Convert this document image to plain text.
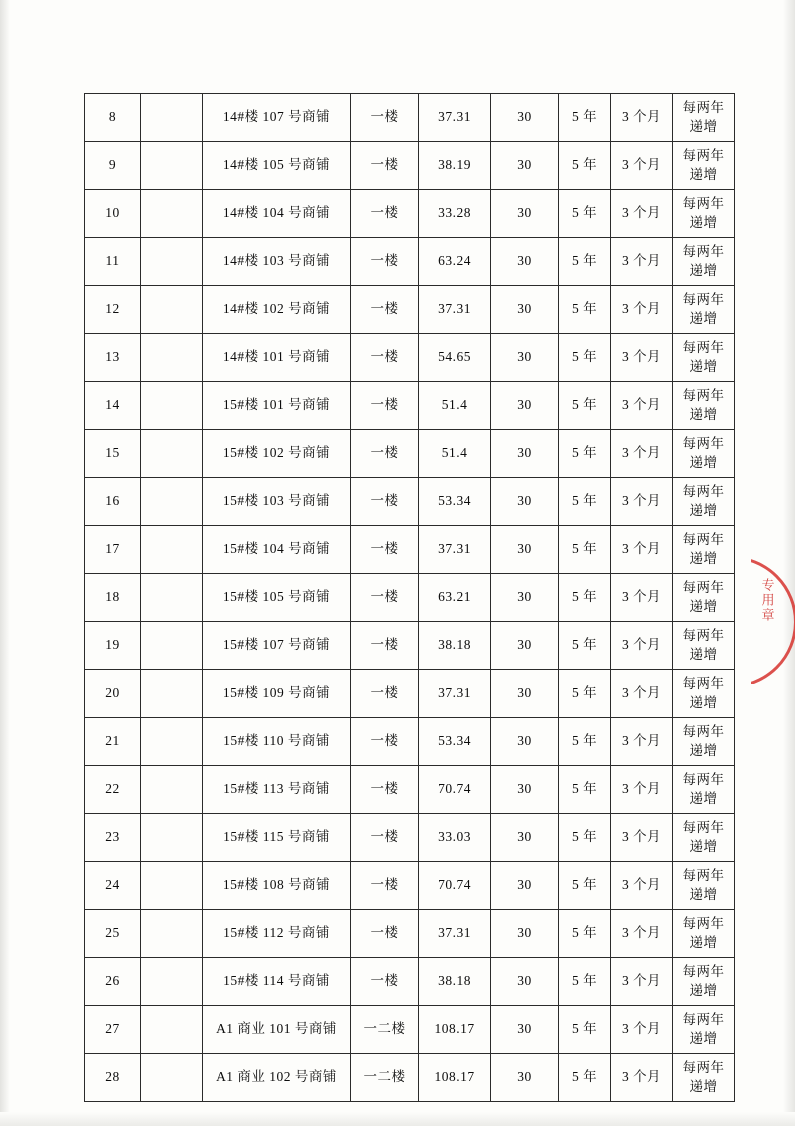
8		14#楼 107 号商铺	一楼	37.31	30	5 年	3 个月	每两年
递增

9		14#楼 105 号商铺	一楼	38.19	30	5 年	3 个月	每两年
递增

10		14#楼 104 号商铺	一楼	33.28	30	5 年	3 个月	每两年
递增

11		14#楼 103 号商铺	一楼	63.24	30	5 年	3 个月	每两年
递增

12		14#楼 102 号商铺	一楼	37.31	30	5 年	3 个月	每两年
递增

13		14#楼 101 号商铺	一楼	54.65	30	5 年	3 个月	每两年
递增

14		15#楼 101 号商铺	一楼	51.4	30	5 年	3 个月	每两年
递增

15		15#楼 102 号商铺	一楼	51.4	30	5 年	3 个月	每两年
递增

16		15#楼 103 号商铺	一楼	53.34	30	5 年	3 个月	每两年
递增

17		15#楼 104 号商铺	一楼	37.31	30	5 年	3 个月	每两年
递增

18		15#楼 105 号商铺	一楼	63.21	30	5 年	3 个月	每两年
递增

19		15#楼 107 号商铺	一楼	38.18	30	5 年	3 个月	每两年
递增

20		15#楼 109 号商铺	一楼	37.31	30	5 年	3 个月	每两年
递增

21		15#楼 110 号商铺	一楼	53.34	30	5 年	3 个月	每两年
递增

22		15#楼 113 号商铺	一楼	70.74	30	5 年	3 个月	每两年
递增

23		15#楼 115 号商铺	一楼	33.03	30	5 年	3 个月	每两年
递增

24		15#楼 108 号商铺	一楼	70.74	30	5 年	3 个月	每两年
递增

25		15#楼 112 号商铺	一楼	37.31	30	5 年	3 个月	每两年
递增

26		15#楼 114 号商铺	一楼	38.18	30	5 年	3 个月	每两年
递增

27		A1 商业 101 号商铺	一二楼	108.17	30	5 年	3 个月	每两年
递增

28		A1 商业 102 号商铺	一二楼	108.17	30	5 年	3 个月	每两年
递增
专用章
